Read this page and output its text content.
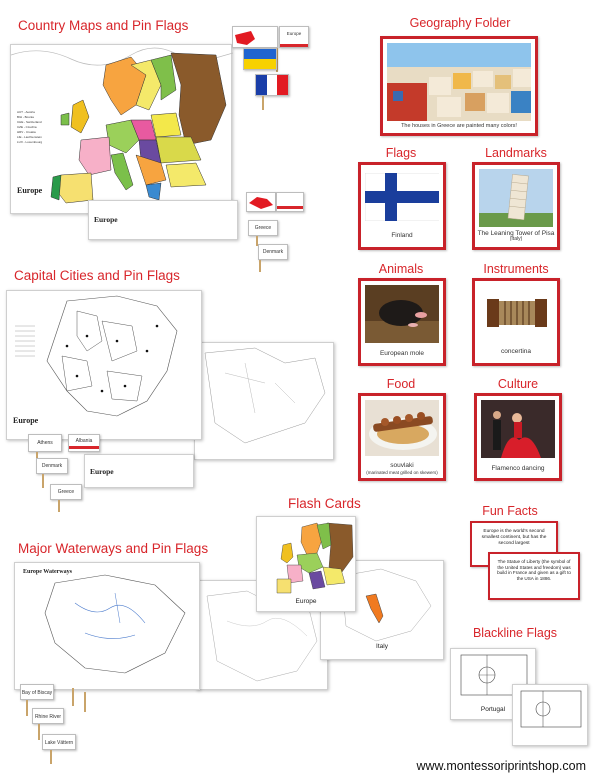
Country Maps and Pin Flags
AUT - Austria
BIH - Bosnia
CHE - Switzerland
CZE - Czechia
HRV - Croatia
LIE - Liechtenstein
LUX - Luxembourg
Europe
Europe
Europe
Greece
Denmark
Capital Cities and Pin Flags
Europe
Europe
Athens	Albania
Denmark
Greece
Major Waterways and Pin Flags
Europe Waterways
Bay of Biscay
Rhine River
Lake Vättern
Flash Cards
Italy
Europe
Geography Folder
The houses in Greece are painted many colors!
Flags
Finland
Landmarks
The Leaning Tower of Pisa
(Italy)
Animals
European mole
Instruments
concertina
Food
souvlaki
(marinated meat grilled on skewers)
Culture
Flamenco dancing
Fun Facts
Europe is the world's second smallest continent, but has the second largest
The Statue of Liberty (the symbol of the United States and freedom) was build in France and given as a gift to the USA in 1886.
Blackline Flags
Portugal
www.montessoriprintshop.com
